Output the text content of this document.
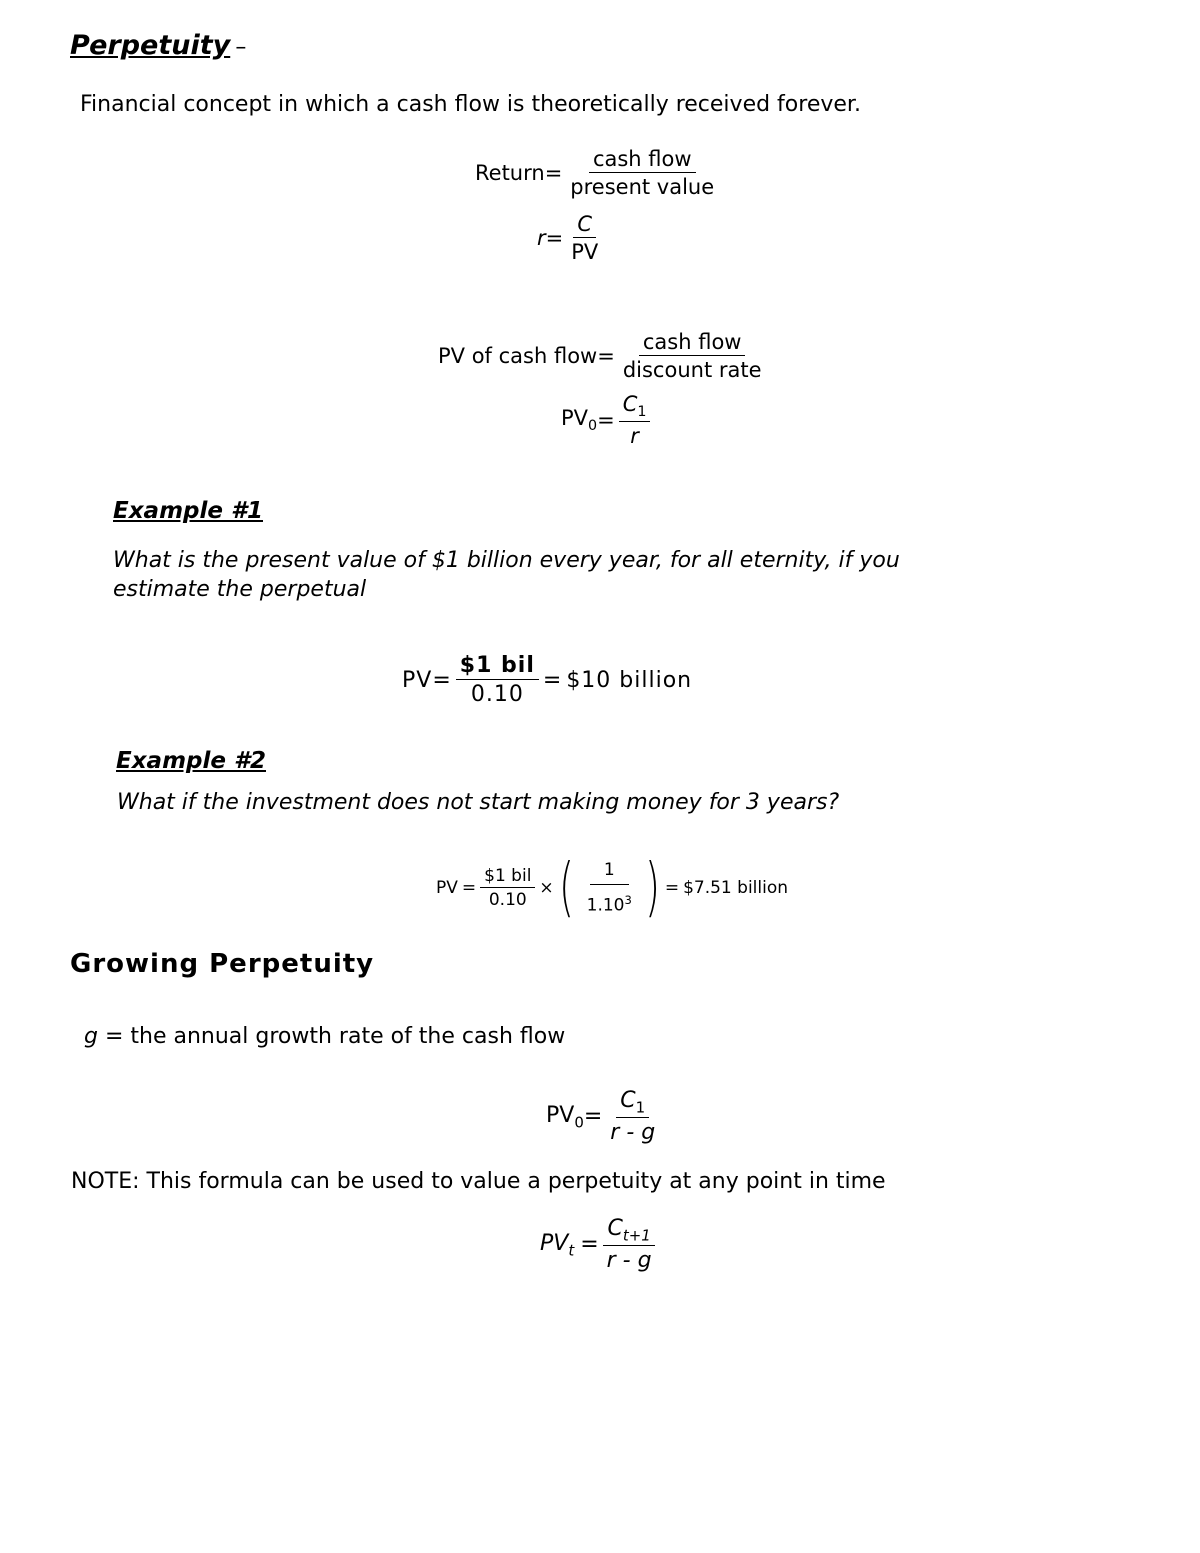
Perpetuity –
Financial concept in which a cash flow is theoretically received forever.
Return = $\frac{\text{cash flow}}{\text{present value}}$
$r = \frac{C}{PV}$
PV of cash flow = $\frac{\text{cash flow}}{\text{discount rate}}$
$PV_0 = \frac{C_1}{r}$
Example #1
What is the present value of $1 billion every year, for all eternity, if you estimate the perpetual
PV = $\frac{\text{\$1 bil}}{0.10}$ = $10 billion
Example #2
What if the investment does not start making money for 3 years?
PV = $\frac{\text{\$1 bil}}{0.10}$ × ( $\frac{1}{1.10^3}$ ) = $7.51 billion
Growing Perpetuity
g = the annual growth rate of the cash flow
$PV_0 = \frac{C_1}{r - g}$
NOTE: This formula can be used to value a perpetuity at any point in time
$PV_t = \frac{C_{t+1}}{r - g}$
